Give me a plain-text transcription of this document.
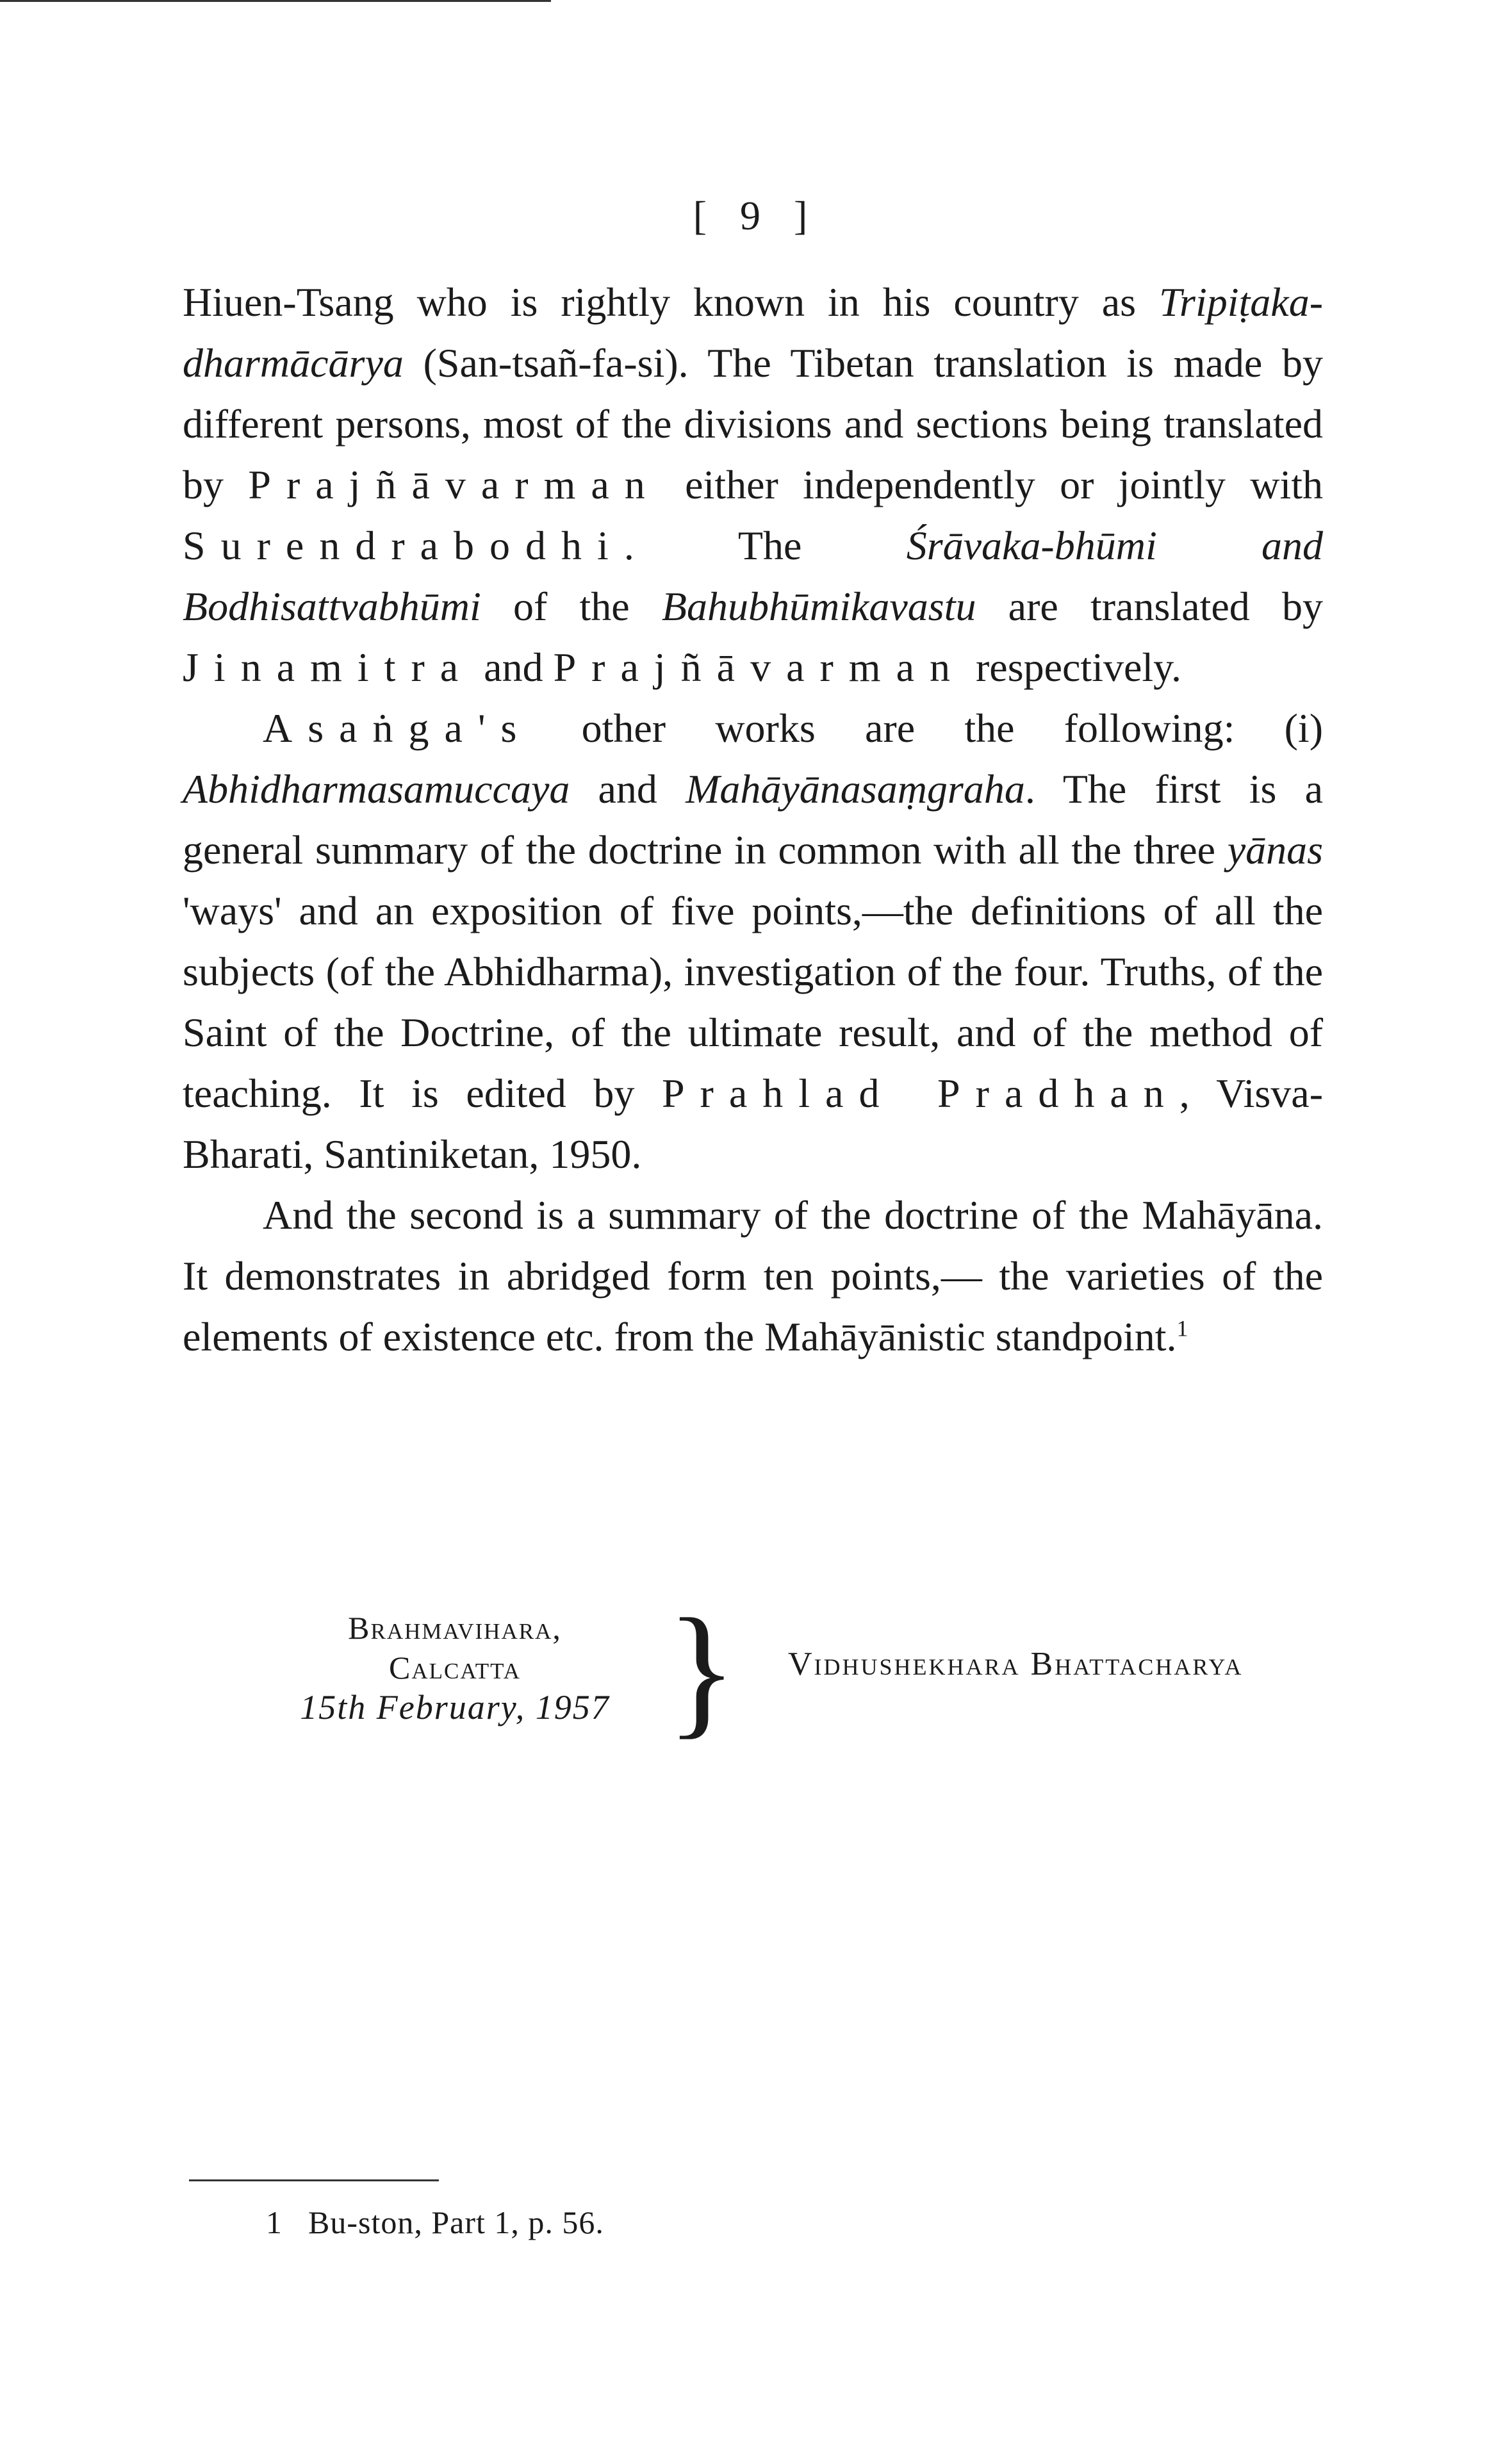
[ 9 ]

Hiuen-Tsang who is rightly known in his country as Tripiṭaka-dharmācārya (San-tsañ-fa-si). The Tibetan translation is made by different persons, most of the divisions and sections being translated by Prajñāvarman either independently or jointly with Surendrabodhi. The Śrāvaka-bhūmi and Bodhisattvabhūmi of the Bahubhūmikavastu are translated by Jinamitra and Prajñāvarman respectively.

Asaṅga's other works are the following: (i) Abhidharmasamuccaya and Mahāyānasaṃgraha. The first is a general summary of the doctrine in common with all the three yānas 'ways' and an exposition of five points,—the definitions of all the subjects (of the Abhidharma), investigation of the four. Truths, of the Saint of the Doctrine, of the ultimate result, and of the method of teaching. It is edited by Prahlad Pradhan, Visva-Bharati, Santiniketan, 1950.

And the second is a summary of the doctrine of the Mahāyāna. It demonstrates in abridged form ten points,— the varieties of the elements of existence etc. from the Mahāyānistic standpoint.$^1$

Brahmavihara,
Calcatta
15th February, 1957 } Vidhushekhara Bhattacharya
1 Bu-ston, Part 1, p. 56.
